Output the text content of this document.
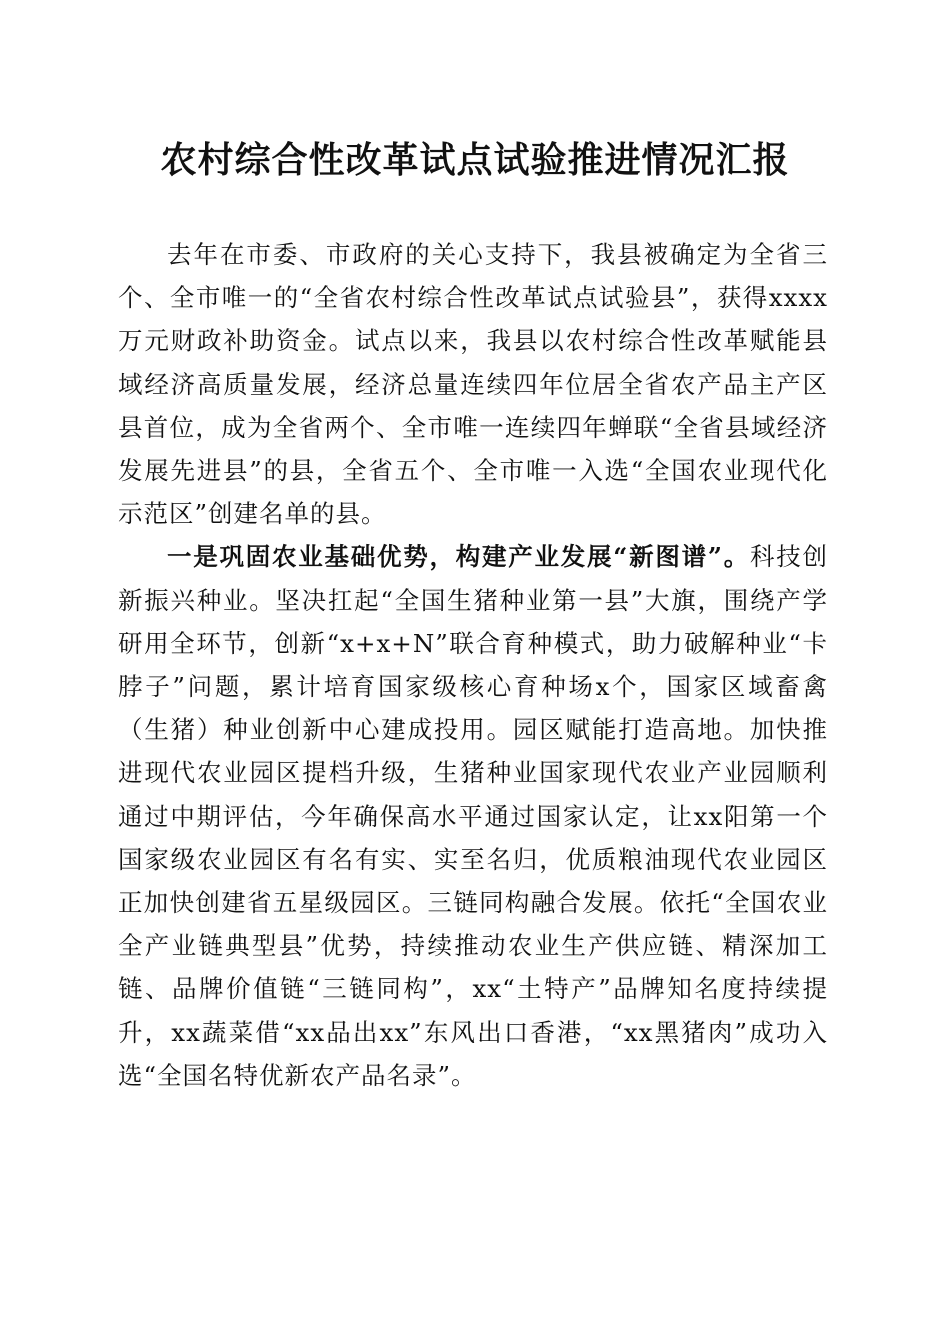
农村综合性改革试点试验推进情况汇报

去年在市委、市政府的关心支持下，我县被确定为全省三个、全市唯一的“全省农村综合性改革试点试验县”，获得xxxx万元财政补助资金。试点以来，我县以农村综合性改革赋能县域经济高质量发展，经济总量连续四年位居全省农产品主产区县首位，成为全省两个、全市唯一连续四年蝉联“全省县域经济发展先进县”的县，全省五个、全市唯一入选“全国农业现代化示范区”创建名单的县。

一是巩固农业基础优势，构建产业发展“新图谱”。科技创新振兴种业。坚决扛起“全国生猪种业第一县”大旗，围绕产学研用全环节，创新“x+x+N”联合育种模式，助力破解种业“卡脖子”问题，累计培育国家级核心育种场x个，国家区域畜禽（生猪）种业创新中心建成投用。园区赋能打造高地。加快推进现代农业园区提档升级，生猪种业国家现代农业产业园顺利通过中期评估，今年确保高水平通过国家认定，让xx阳第一个国家级农业园区有名有实、实至名归，优质粮油现代农业园区正加快创建省五星级园区。三链同构融合发展。依托“全国农业全产业链典型县”优势，持续推动农业生产供应链、精深加工链、品牌价值链“三链同构”，xx“土特产”品牌知名度持续提升，xx蔬菜借“xx品出xx”东风出口香港，“xx黑猪肉”成功入选“全国名特优新农产品名录”。
